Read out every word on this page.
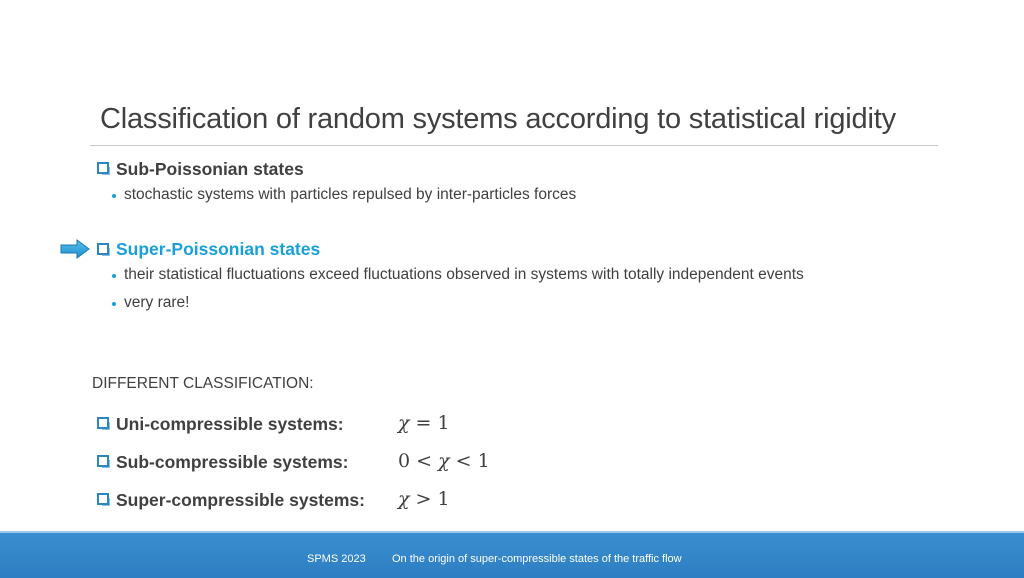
Classification of random systems according to statistical rigidity
Sub-Poissonian states
stochastic systems with particles repulsed by inter-particles forces
Super-Poissonian states
their statistical fluctuations exceed fluctuations observed in systems with totally independent events
very rare!
DIFFERENT CLASSIFICATION:
Uni-compressible systems:	χ = 1
Sub-compressible systems:	0 < χ < 1
Super-compressible systems: χ > 1
SPMS 2023 On the origin of super-compressible states of the traffic flow
